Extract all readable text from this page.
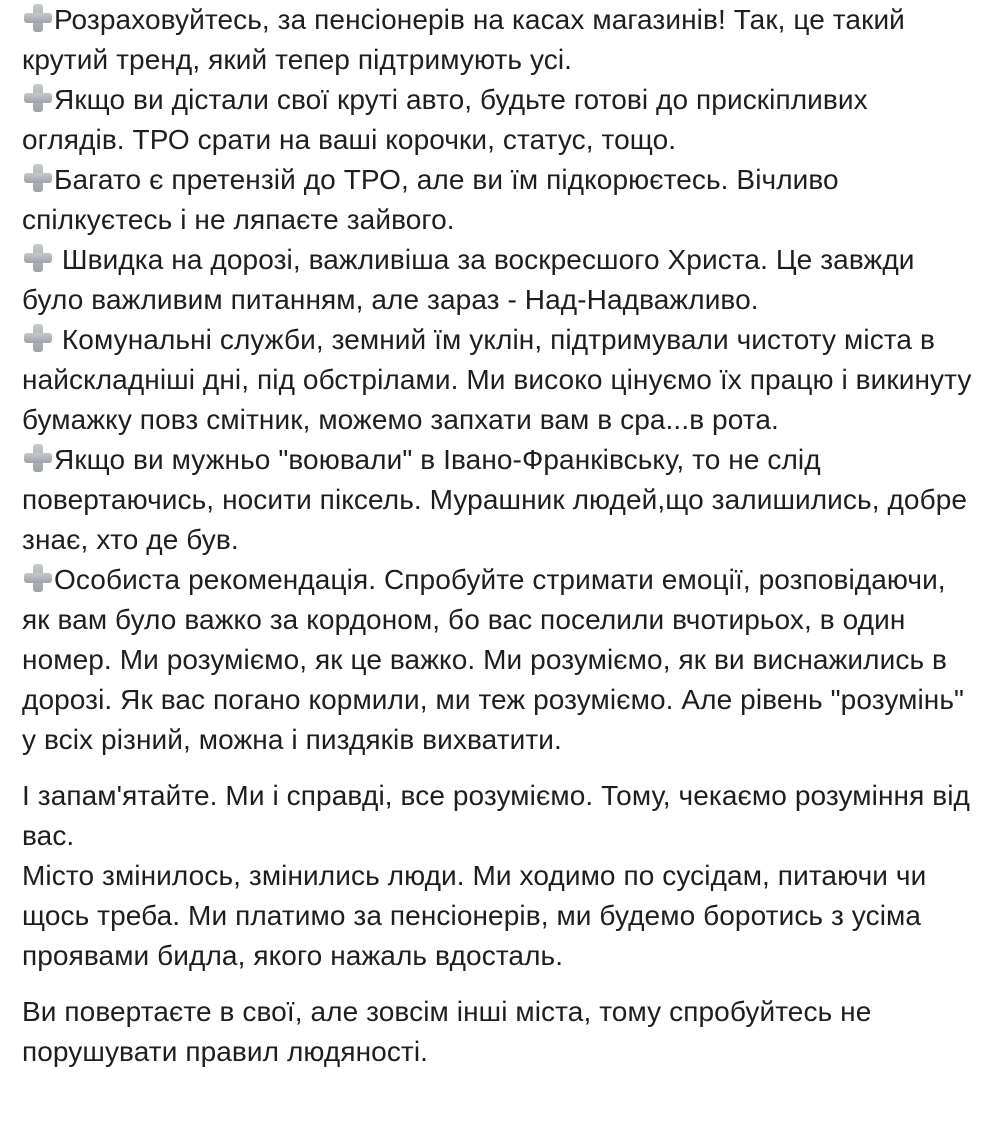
Розраховуйтесь, за пенсіонерів на касах магазинів! Так, це такий крутий тренд, який тепер підтримують усі.

Якщо ви дістали свої круті авто, будьте готові до прискіпливих оглядів. ТРО срати на ваші корочки, статус, тощо.

Багато є претензій до ТРО, але ви їм підкорюєтесь. Вічливо спілкуєтесь і не ляпаєте зайвого.

Швидка на дорозі, важливіша за воскресшого Христа. Це завжди було важливим питанням, але зараз - Над-Надважливо.

Комунальні служби, земний їм уклін, підтримували чистоту міста в найскладніші дні, під обстрілами. Ми високо цінуємо їх працю і викинуту бумажку повз смітник, можемо запхати вам в сра...в рота.

Якщо ви мужньо "воювали" в Івано-Франківську, то не слід повертаючись, носити піксель. Мурашник людей,що залишились, добре знає, хто де був.

Особиста рекомендація. Спробуйте стримати емоції, розповідаючи, як вам було важко за кордоном, бо вас поселили вчотирьох, в один номер. Ми розуміємо, як це важко. Ми розуміємо, як ви виснажились в дорозі. Як вас погано кормили, ми теж розуміємо. Але рівень "розумінь" у всіх різний, можна і пиздяків вихватити.

І запам'ятайте. Ми і справді, все розуміємо. Тому, чекаємо розуміння від вас.

Місто змінилось, змінились люди. Ми ходимо по сусідам, питаючи чи щось треба. Ми платимо за пенсіонерів, ми будемо боротись з усіма проявами бидла, якого нажаль вдосталь.

Ви повертаєте в свої, але зовсім інші міста, тому спробуйтесь не порушувати правил людяності.
